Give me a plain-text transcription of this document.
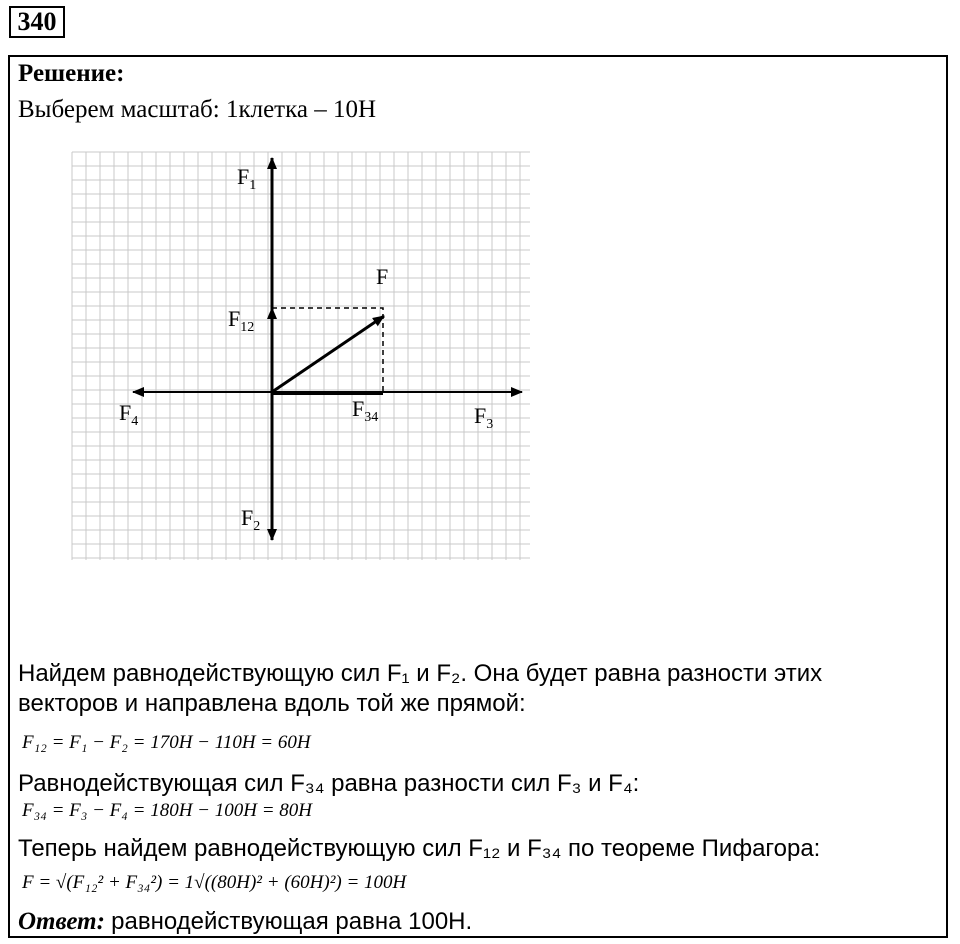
340
Решение:
Выберем масштаб: 1клетка – 10Н
$F_1$
F
$F_{12}$
$F_4$
$F_{34}$	$F_3$
$F_2$
Найдем равнодействующую сил F₁ и F₂. Она будет равна разности этих
векторов и направлена вдоль той же прямой:
F₁₂ = F₁ − F₂ = 170H − 110H = 60H
Равнодействующая сил F₃₄ равна разности сил F₃ и F₄:
F₃₄ = F₃ − F₄ = 180H − 100H = 80H
Теперь найдем равнодействующую сил F₁₂ и F₃₄ по теореме Пифагора:
F = √(F₁₂² + F₃₄²) = 1√((80H)² + (60H)²) = 100H
Ответ: равнодействующая равна 100Н.
